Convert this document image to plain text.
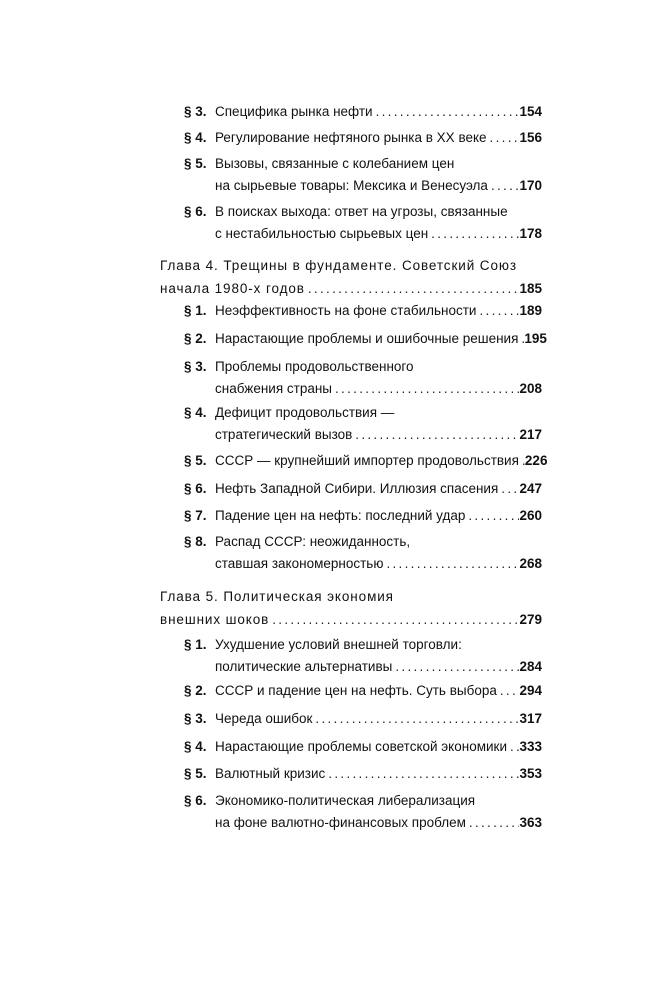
§ 3. Специфика рынка нефти .....	154
§ 4. Регулирование нефтяного рынка в XX веке ..... 156
§ 5. Вызовы, связанные с колебанием цен
на сырьевые товары: Мексика и Венесуэла ..... 170
§ 6. В поисках выхода: ответ на угрозы, связанные
с нестабильностью сырьевых цен .....	178
Глава 4. Трещины в фундаменте. Советский Союз
начала 1980-х годов .....	185
§ 1. Неэффективность на фоне стабильности .....	189
§ 2. Нарастающие проблемы и ошибочные решения ..... 195
§ 3. Проблемы продовольственного
снабжения страны .....	208
§ 4. Дефицит продовольствия —
стратегический вызов .....	217
§ 5. СССР — крупнейший импортер продовольствия ..... 226
§ 6. Нефть Западной Сибири. Иллюзия спасения ..... 247
§ 7. Падение цен на нефть: последний удар .....	260
§ 8. Распад СССР: неожиданность,
ставшая закономерностью .....	268
Глава 5. Политическая экономия
внешних шоков .....	279
§ 1. Ухудшение условий внешней торговли:
политические альтернативы .....	284
§ 2. СССР и падение цен на нефть. Суть выбора ..... 294
§ 3. Череда ошибок .....	317
§ 4. Нарастающие проблемы советской экономики ..... 333
§ 5. Валютный кризис .....	353
§ 6. Экономико-политическая либерализация
на фоне валютно-финансовых проблем .....	363
